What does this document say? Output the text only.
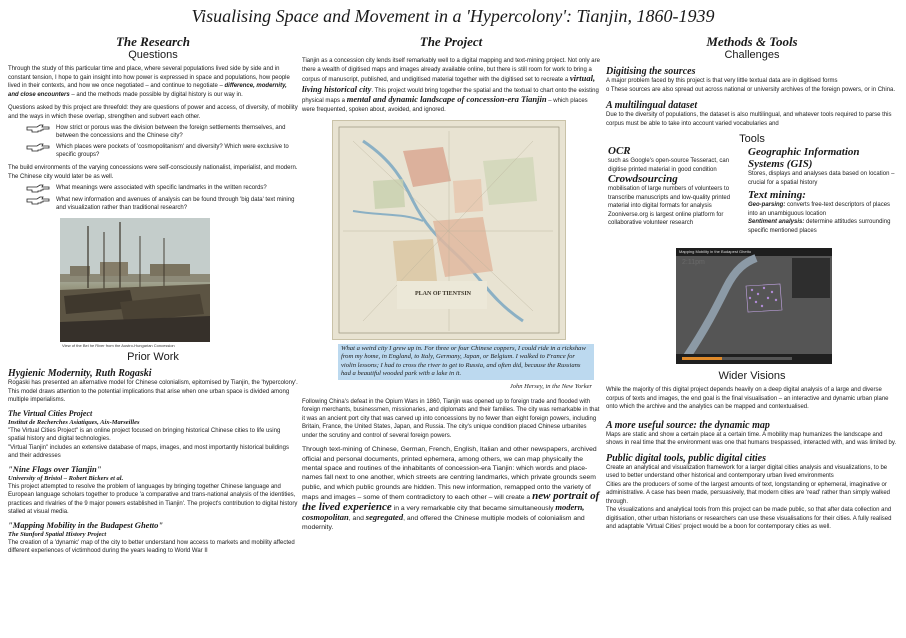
Visualising Space and Movement in a 'Hypercolony': Tianjin, 1860-1939
The Research
Questions

Through the study of this particular time and place, where several populations lived side by side and in constant tension, I hope to gain insight into how power is expressed in space and populations, how people lived in their contexts, and how we once negotiated – and continue to negotiate – difference, modernity, and close encounters – and the methods made possible by digital history is our way in.

Questions asked by this project are threefold: they are questions of power and access, of diversity, of mobility and the ways in which these overlap, strengthen and subvert each other.

How strict or porous was the division between the foreign settlements themselves, and between the concessions and the Chinese city?

Which places were pockets of 'cosmopolitanism' and diversity? Which were exclusive to specific groups?

The build environments of the varying concessions were self-consciously nationalist, imperialist, and modern. The Chinese city would later be as well.

What meanings were associated with specific landmarks in the written records?

What new information and avenues of analysis can be found through 'big data' text mining and visualization rather than traditional research?

View of the Bei he River from the Austro-Hungarian Concession
Prior Work
Hygienic Modernity, Ruth Rogaski

Rogaski has presented an alternative model for Chinese colonialism, epitomised by Tianjin, the 'hypercolony'. This model draws attention to the potential implications that arise when one urban space is divided among multiple imperialisms.

The Virtual Cities Project
Institut de Recherches Asiatiques, Aix-Marseilles

"The Virtual Cities Project" is an online project focused on bringing historical Chinese cities to life using spatial history and digital technologies.

"Virtual Tianjin" includes an extensive database of maps, images, and most importantly historical buildings and their addresses

"Nine Flags over Tianjin"
University of Bristol – Robert Bickers et al.

This project attempted to resolve the problem of languages by bringing together Chinese language and European language scholars together to produce 'a comparative and trans-national analysis of the identities, practices and rivalries of the 9 major powers established in Tianjin'. The project's contribution to digital history stalled at visual media.

"Mapping Mobility in the Budapest Ghetto"
The Stanford Spatial History Project

The creation of a 'dynamic' map of the city to better understand how access to markets and mobility affected different experiences of victimhood during the years leading to World War II

The Project

Tianjin as a concession city lends itself remarkably well to a digital mapping and text-mining project. Not only are there a wealth of digitised maps and images already available online, but there is still room for work to bring a corpus of manuscript, published, and undigitised material together with the digitised set to recreate a virtual, living historical city. This project would bring together the spatial and the textual to chart onto the existing physical maps a mental and dynamic landscape of concession-era Tianjin – which places were frequented, spoken about, avoided, and ignored.

PLAN OF TIENTSIN
What a weird city I grew up in. For three or four Chinese coppers, I could ride in a rickshaw from my home, in England, to Italy, Germany, Japan, or Belgium. I walked to France for violin lessons; I had to cross the river to get to Russia, and often did, because the Russians had a beautiful wooded park with a lake in it.
John Hersey, in the New Yorker

Following China's defeat in the Opium Wars in 1860, Tianjin was opened up to foreign trade and flooded with foreign merchants, businessmen, missionaries, and diplomats and their families. The city was remarkable in that it was an ancient port city that was carved up into concessions by no fewer than eight foreign powers, including Britain, France, the United States, Japan, and Russia. The city's unique condition placed Chinese urbanites under the scrutiny and control of several foreign powers.

Through text-mining of Chinese, German, French, English, Italian and other newspapers, archived official and personal documents, printed ephemera, among others, we can map physically the mental space and routines of the inhabitants of concession-era Tianjin: which words and place-names fall next to one another, which streets are centring landmarks, which private grounds seem public, and which public grounds are hidden. This new information, remapped onto the variety of maps and images – some of them contradictory to each other – will create a new portrait of the lived experience in a very remarkable city that became simultaneously modern, cosmopolitan, and segregated, and offered the Chinese multiple models of colonialism and modernity.

Methods & Tools
Challenges
Digitising the sources

A major problem faced by this project is that very little textual data are in digitised forms

o These sources are also spread out across national or university archives of the foreign powers, or in China.

A multilingual dataset

Due to the diversity of populations, the dataset is also multilingual, and whatever tools required to parse this corpus must be able to take into account varied vocabularies and

Tools
OCR

such as Google's open-source Tesseract, can digitise printed material in good condition

Crowdsourcing

mobilisation of large numbers of volunteers to transcribe manuscripts and low-quality printed material into digital formats for analysis

Zooniverse.org is largest online platform for collaborative volunteer research

Geographic Information Systems (GIS)

Stores, displays and analyses data based on location – crucial for a spatial history

Text mining:

Geo-parsing: converts free-text descriptors of places into an unambiguous location

Sentiment analysis: determine attitudes surrounding specific mentioned places

Mapping Mobility in the Budapest Ghetto
Wider Visions

While the majority of this digital project depends heavily on a deep digital analysis of a large and diverse corpus of texts and images, the end goal is the final visualisation – an interactive and dynamic urban plane onto which the archive and the analytics can be mapped and contextualised.

A more useful source: the dynamic map

Maps are static and show a certain place at a certain time. A mobility map humanizes the landscape and shows in real time that the environment was one that humans trespassed, interacted with, and was limited by.

Public digital tools, public digital cities

Create an analytical and visualization framework for a larger digital cities analysis and visualizations, to be used to better understand other historical and contemporary urban lived environments

Cities are the producers of some of the largest amounts of text, longstanding or ephemeral, imaginative or administrative. A case has been made, persuasively, that modern cities are 'read' rather than simply walked through.

The visualizations and analytical tools from this project can be made public, so that after data collection and digitisation, other urban historians or researchers can use these visualisations for their cities. A fully realised and adaptable 'Virtual Cities' project would be a boon for contemporary cities as well.
